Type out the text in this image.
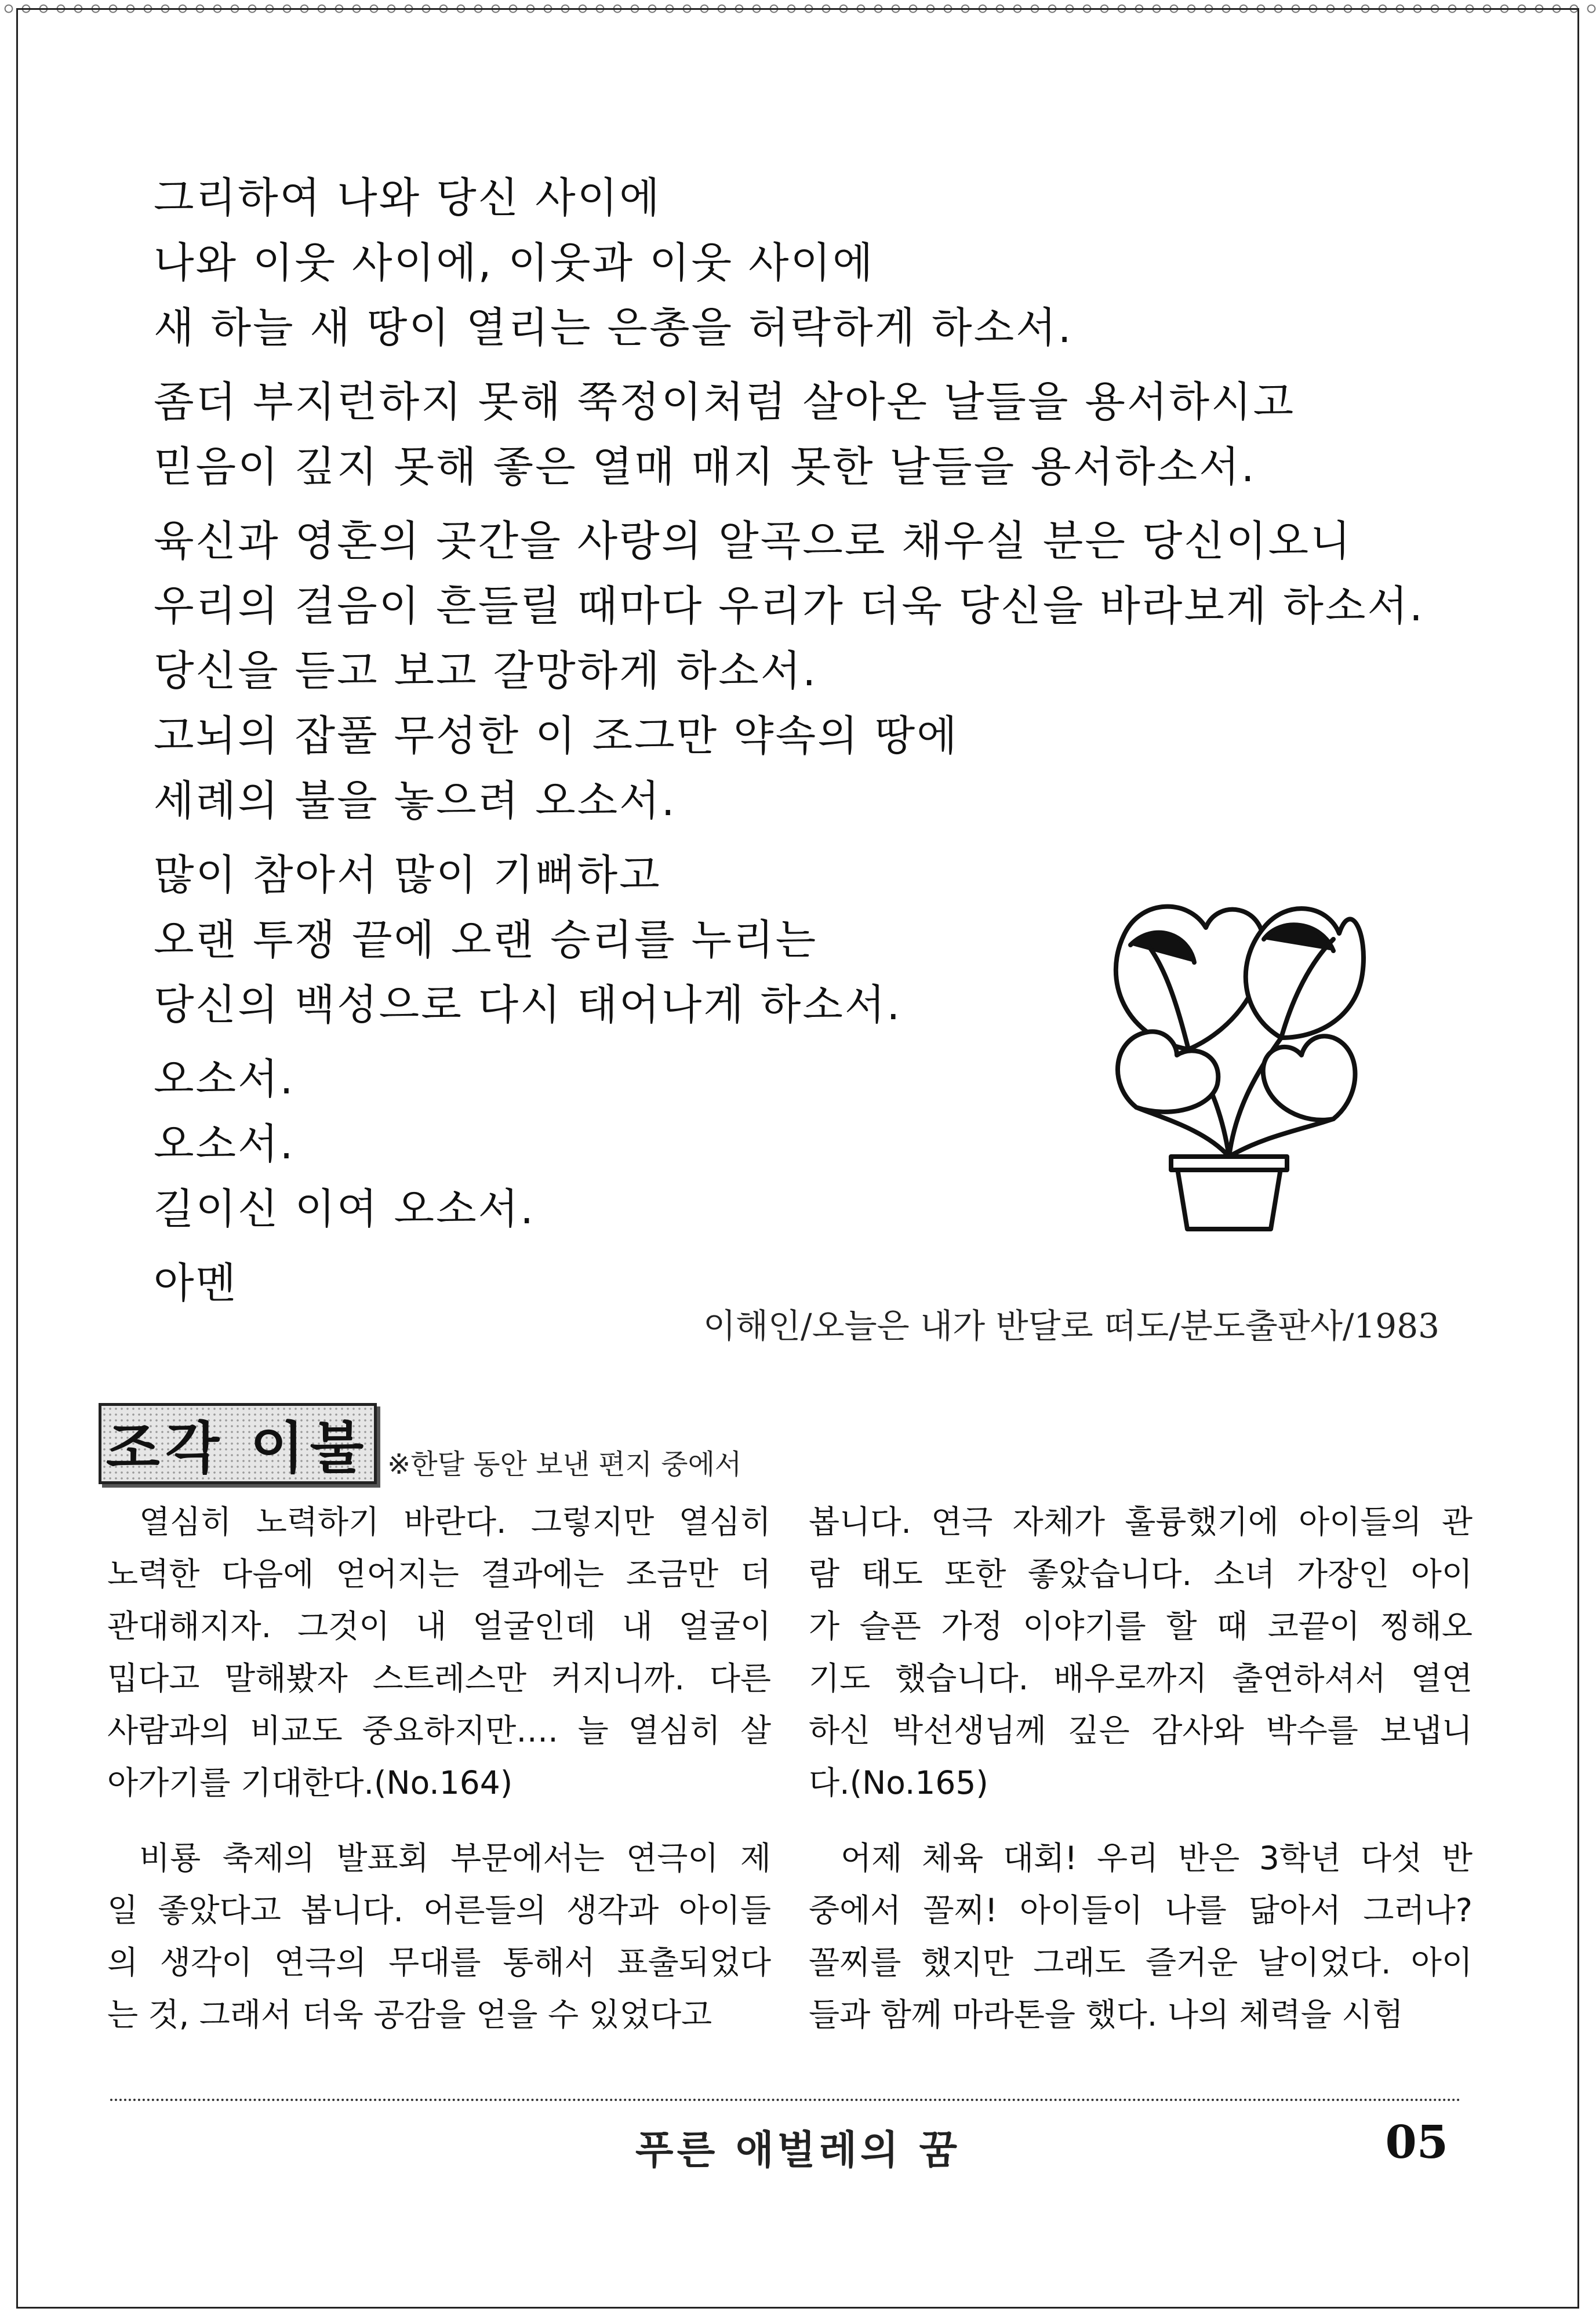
그리하여 나와 당신 사이에
나와 이웃 사이에, 이웃과 이웃 사이에
새 하늘 새 땅이 열리는 은총을 허락하게 하소서.
좀더 부지런하지 못해 쭉정이처럼 살아온 날들을 용서하시고
믿음이 깊지 못해 좋은 열매 매지 못한 날들을 용서하소서.
육신과 영혼의 곳간을 사랑의 알곡으로 채우실 분은 당신이오니
우리의 걸음이 흔들릴 때마다 우리가 더욱 당신을 바라보게 하소서.
당신을 듣고 보고 갈망하게 하소서.
고뇌의 잡풀 무성한 이 조그만 약속의 땅에
세례의 불을 놓으려 오소서.
많이 참아서 많이 기뻐하고
오랜 투쟁 끝에 오랜 승리를 누리는
당신의 백성으로 다시 태어나게 하소서.
오소서.
오소서.
길이신 이여 오소서.
아멘
이해인/오늘은 내가 반달로 떠도/분도출판사/1983
조각 이불 ※한달 동안 보낸 편지 중에서
열심히 노력하기 바란다. 그렇지만 열심히
노력한 다음에 얻어지는 결과에는 조금만 더
관대해지자. 그것이 내 얼굴인데 내 얼굴이
밉다고 말해봤자 스트레스만 커지니까. 다른
사람과의 비교도 중요하지만…. 늘 열심히 살
아가기를 기대한다.(No.164)
비룡 축제의 발표회 부문에서는 연극이 제
일 좋았다고 봅니다. 어른들의 생각과 아이들
의 생각이 연극의 무대를 통해서 표출되었다
는 것, 그래서 더욱 공감을 얻을 수 있었다고
봅니다. 연극 자체가 훌륭했기에 아이들의 관
람 태도 또한 좋았습니다. 소녀 가장인 아이
가 슬픈 가정 이야기를 할 때 코끝이 찡해오
기도 했습니다. 배우로까지 출연하셔서 열연
하신 박선생님께 깊은 감사와 박수를 보냅니
다.(No.165)
어제 체육 대회! 우리 반은 3학년 다섯 반
중에서 꼴찌! 아이들이 나를 닮아서 그러나?
꼴찌를 했지만 그래도 즐거운 날이었다. 아이
들과 함께 마라톤을 했다. 나의 체력을 시험
푸른 애벌레의 꿈	05
